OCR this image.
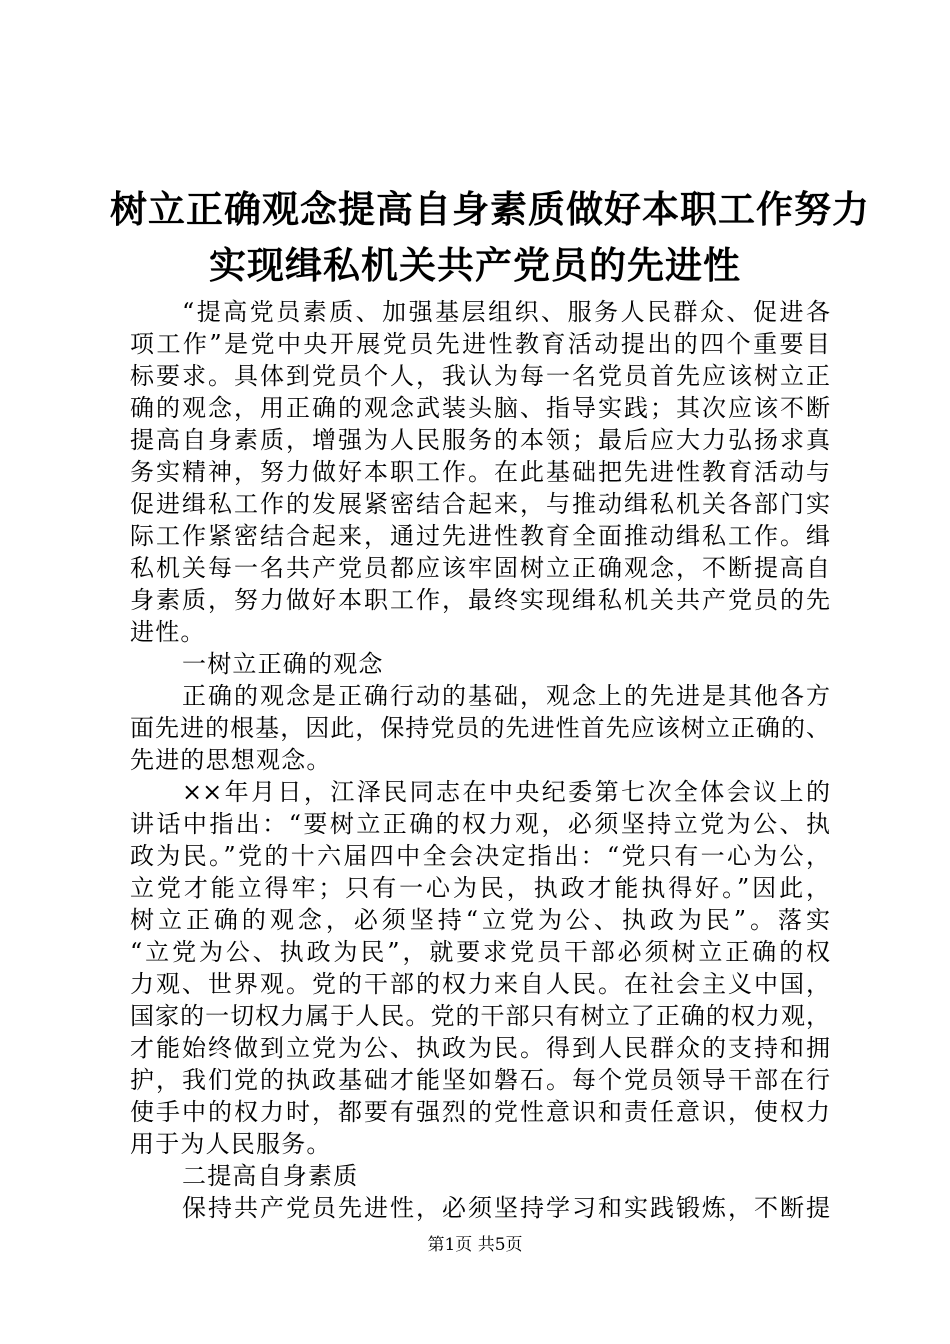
树立正确观念提高自身素质做好本职工作努力
实现缉私机关共产党员的先进性
“提高党员素质、加强基层组织、服务人民群众、促进各
项工作”是党中央开展党员先进性教育活动提出的四个重要目
标要求。具体到党员个人，我认为每一名党员首先应该树立正
确的观念，用正确的观念武装头脑、指导实践；其次应该不断
提高自身素质，增强为人民服务的本领；最后应大力弘扬求真
务实精神，努力做好本职工作。在此基础把先进性教育活动与
促进缉私工作的发展紧密结合起来，与推动缉私机关各部门实
际工作紧密结合起来，通过先进性教育全面推动缉私工作。缉
私机关每一名共产党员都应该牢固树立正确观念，不断提高自
身素质，努力做好本职工作，最终实现缉私机关共产党员的先
进性。
一树立正确的观念
正确的观念是正确行动的基础，观念上的先进是其他各方
面先进的根基，因此，保持党员的先进性首先应该树立正确的、
先进的思想观念。
××年月日，江泽民同志在中央纪委第七次全体会议上的
讲话中指出：“要树立正确的权力观，必须坚持立党为公、执
政为民。”党的十六届四中全会决定指出：“党只有一心为公，
立党才能立得牢；只有一心为民，执政才能执得好。”因此，
树立正确的观念，必须坚持“立党为公、执政为民”。落实
“立党为公、执政为民”，就要求党员干部必须树立正确的权
力观、世界观。党的干部的权力来自人民。在社会主义中国，
国家的一切权力属于人民。党的干部只有树立了正确的权力观，
才能始终做到立党为公、执政为民。得到人民群众的支持和拥
护，我们党的执政基础才能坚如磐石。每个党员领导干部在行
使手中的权力时，都要有强烈的党性意识和责任意识，使权力
用于为人民服务。
二提高自身素质
保持共产党员先进性，必须坚持学习和实践锻炼，不断提
第1页 共5页
